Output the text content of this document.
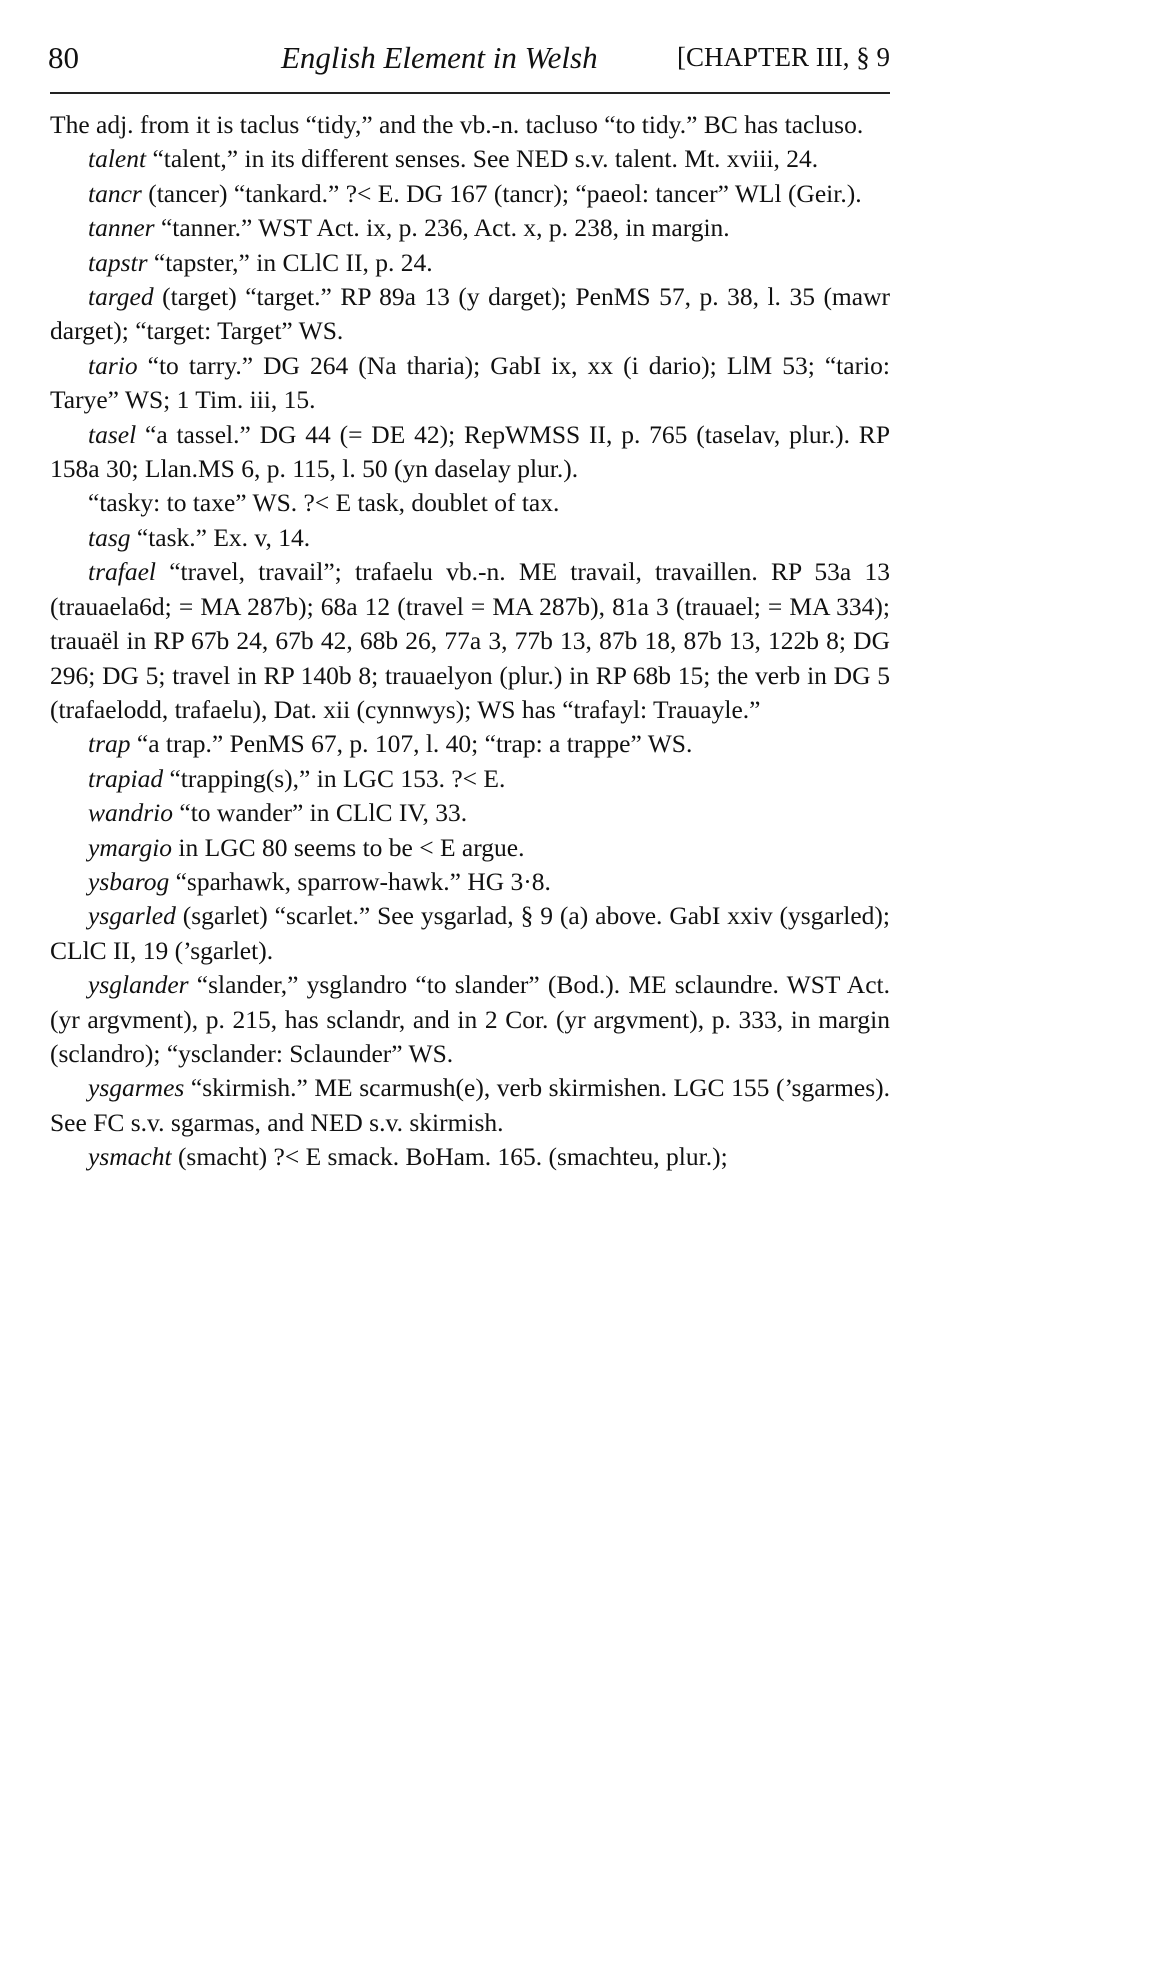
80	English Element in Welsh	[CHAPTER III, § 9

The adj. from it is taclus “tidy,” and the vb.-n. tacluso “to tidy.” BC has tacluso.

talent “talent,” in its different senses. See NED s.v. talent. Mt. xviii, 24.

tancr (tancer) “tankard.” ?< E. DG 167 (tancr); “paeol: tancer” WLl (Geir.).

tanner “tanner.” WST Act. ix, p. 236, Act. x, p. 238, in margin.

tapstr “tapster,” in CLlC II, p. 24.

targed (target) “target.” RP 89a 13 (y darget); PenMS 57, p. 38, l. 35 (mawr darget); “target: Target” WS.

tario “to tarry.” DG 264 (Na tharia); GabI ix, xx (i dario); LlM 53; “tario: Tarye” WS; 1 Tim. iii, 15.

tasel “a tassel.” DG 44 (= DE 42); RepWMSS II, p. 765 (taselav, plur.). RP 158a 30; Llan.MS 6, p. 115, l. 50 (yn daselay plur.).

“tasky: to taxe” WS. ?< E task, doublet of tax.

tasg “task.” Ex. v, 14.

trafael “travel, travail”; trafaelu vb.-n. ME travail, travaillen. RP 53a 13 (trauaela6d; = MA 287b); 68a 12 (travel = MA 287b), 81a 3 (trauael; = MA 334); trauaël in RP 67b 24, 67b 42, 68b 26, 77a 3, 77b 13, 87b 18, 87b 13, 122b 8; DG 296; DG 5; travel in RP 140b 8; trauaelyon (plur.) in RP 68b 15; the verb in DG 5 (trafaelodd, trafaelu), Dat. xii (cynnwys); WS has “trafayl: Trauayle.”

trap “a trap.” PenMS 67, p. 107, l. 40; “trap: a trappe” WS.

trapiad “trapping(s),” in LGC 153. ?< E.

wandrio “to wander” in CLlC IV, 33.

ymargio in LGC 80 seems to be < E argue.

ysbarog “sparhawk, sparrow-hawk.” HG 3·8.

ysgarled (sgarlet) “scarlet.” See ysgarlad, § 9 (a) above. GabI xxiv (ysgarled); CLlC II, 19 (’sgarlet).

ysglander “slander,” ysglandro “to slander” (Bod.). ME sclaundre. WST Act. (yr argvment), p. 215, has sclandr, and in 2 Cor. (yr argvment), p. 333, in margin (sclandro); “ysclander: Sclaunder” WS.

ysgarmes “skirmish.” ME scarmush(e), verb skirmishen. LGC 155 (’sgarmes). See FC s.v. sgarmas, and NED s.v. skirmish.

ysmacht (smacht) ?< E smack. BoHam. 165. (smachteu, plur.);
